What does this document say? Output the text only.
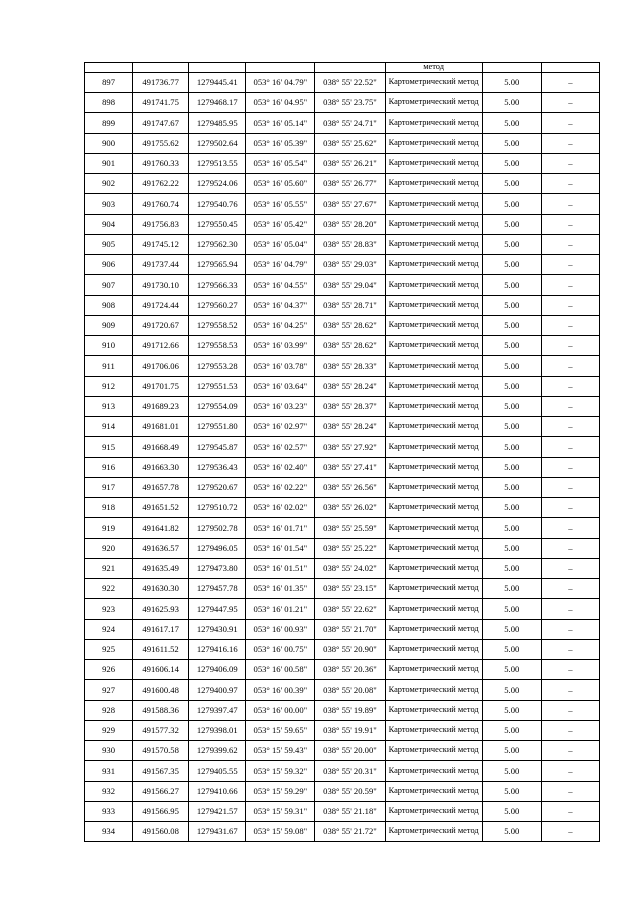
					метод		
897	491736.77	1279445.41	053° 16' 04.79"	038° 55' 22.52"	Картометрический метод	5.00	–
898	491741.75	1279468.17	053° 16' 04.95"	038° 55' 23.75"	Картометрический метод	5.00	–
899	491747.67	1279485.95	053° 16' 05.14"	038° 55' 24.71"	Картометрический метод	5.00	–
900	491755.62	1279502.64	053° 16' 05.39"	038° 55' 25.62"	Картометрический метод	5.00	–
901	491760.33	1279513.55	053° 16' 05.54"	038° 55' 26.21"	Картометрический метод	5.00	–
902	491762.22	1279524.06	053° 16' 05.60"	038° 55' 26.77"	Картометрический метод	5.00	–
903	491760.74	1279540.76	053° 16' 05.55"	038° 55' 27.67"	Картометрический метод	5.00	–
904	491756.83	1279550.45	053° 16' 05.42"	038° 55' 28.20"	Картометрический метод	5.00	–
905	491745.12	1279562.30	053° 16' 05.04"	038° 55' 28.83"	Картометрический метод	5.00	–
906	491737.44	1279565.94	053° 16' 04.79"	038° 55' 29.03"	Картометрический метод	5.00	–
907	491730.10	1279566.33	053° 16' 04.55"	038° 55' 29.04"	Картометрический метод	5.00	–
908	491724.44	1279560.27	053° 16' 04.37"	038° 55' 28.71"	Картометрический метод	5.00	–
909	491720.67	1279558.52	053° 16' 04.25"	038° 55' 28.62"	Картометрический метод	5.00	–
910	491712.66	1279558.53	053° 16' 03.99"	038° 55' 28.62"	Картометрический метод	5.00	–
911	491706.06	1279553.28	053° 16' 03.78"	038° 55' 28.33"	Картометрический метод	5.00	–
912	491701.75	1279551.53	053° 16' 03.64"	038° 55' 28.24"	Картометрический метод	5.00	–
913	491689.23	1279554.09	053° 16' 03.23"	038° 55' 28.37"	Картометрический метод	5.00	–
914	491681.01	1279551.80	053° 16' 02.97"	038° 55' 28.24"	Картометрический метод	5.00	–
915	491668.49	1279545.87	053° 16' 02.57"	038° 55' 27.92"	Картометрический метод	5.00	–
916	491663.30	1279536.43	053° 16' 02.40"	038° 55' 27.41"	Картометрический метод	5.00	–
917	491657.78	1279520.67	053° 16' 02.22"	038° 55' 26.56"	Картометрический метод	5.00	–
918	491651.52	1279510.72	053° 16' 02.02"	038° 55' 26.02"	Картометрический метод	5.00	–
919	491641.82	1279502.78	053° 16' 01.71"	038° 55' 25.59"	Картометрический метод	5.00	–
920	491636.57	1279496.05	053° 16' 01.54"	038° 55' 25.22"	Картометрический метод	5.00	–
921	491635.49	1279473.80	053° 16' 01.51"	038° 55' 24.02"	Картометрический метод	5.00	–
922	491630.30	1279457.78	053° 16' 01.35"	038° 55' 23.15"	Картометрический метод	5.00	–
923	491625.93	1279447.95	053° 16' 01.21"	038° 55' 22.62"	Картометрический метод	5.00	–
924	491617.17	1279430.91	053° 16' 00.93"	038° 55' 21.70"	Картометрический метод	5.00	–
925	491611.52	1279416.16	053° 16' 00.75"	038° 55' 20.90"	Картометрический метод	5.00	–
926	491606.14	1279406.09	053° 16' 00.58"	038° 55' 20.36"	Картометрический метод	5.00	–
927	491600.48	1279400.97	053° 16' 00.39"	038° 55' 20.08"	Картометрический метод	5.00	–
928	491588.36	1279397.47	053° 16' 00.00"	038° 55' 19.89"	Картометрический метод	5.00	–
929	491577.32	1279398.01	053° 15' 59.65"	038° 55' 19.91"	Картометрический метод	5.00	–
930	491570.58	1279399.62	053° 15' 59.43"	038° 55' 20.00"	Картометрический метод	5.00	–
931	491567.35	1279405.55	053° 15' 59.32"	038° 55' 20.31"	Картометрический метод	5.00	–
932	491566.27	1279410.66	053° 15' 59.29"	038° 55' 20.59"	Картометрический метод	5.00	–
933	491566.95	1279421.57	053° 15' 59.31"	038° 55' 21.18"	Картометрический метод	5.00	–
934	491560.08	1279431.67	053° 15' 59.08"	038° 55' 21.72"	Картометрический метод	5.00	–
